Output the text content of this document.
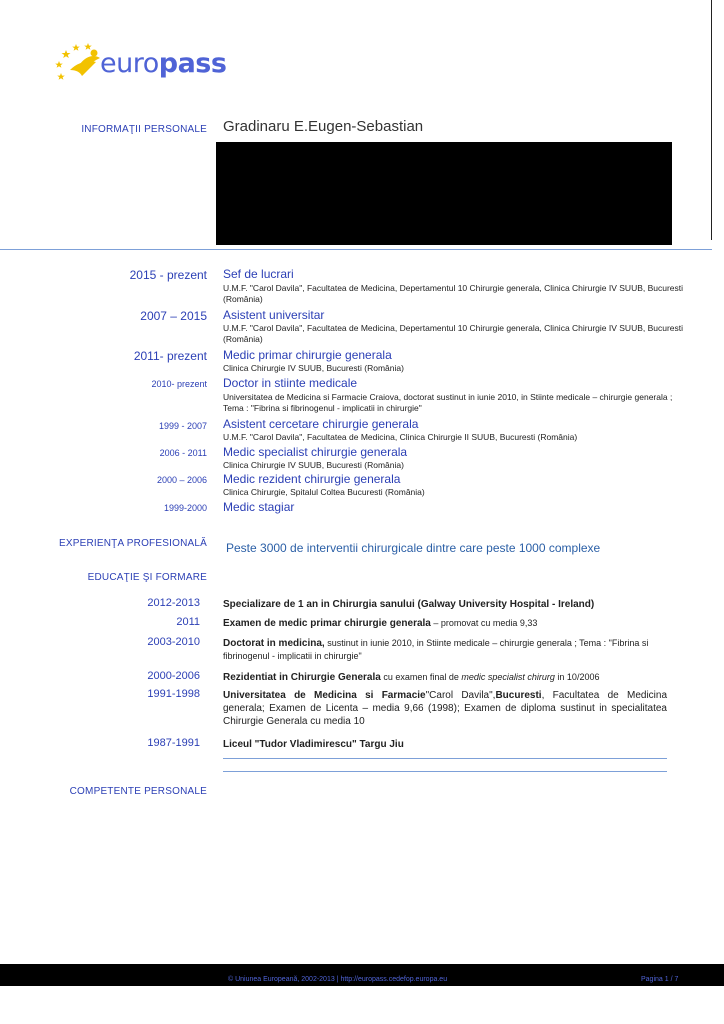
europass
INFORMAŢII PERSONALE Gradinaru E.Eugen-Sebastian
2015 - prezent Sef de lucrari
U.M.F. "Carol Davila", Facultatea de Medicina, Depertamentul 10 Chirurgie generala, Clinica Chirurgie IV SUUB, Bucuresti (România)
2007 – 2015 Asistent universitar
U.M.F. "Carol Davila", Facultatea de Medicina, Depertamentul 10 Chirurgie generala, Clinica Chirurgie IV SUUB, Bucuresti (România)
2011- prezent Medic primar chirurgie generala
Clinica Chirurgie IV SUUB, Bucuresti (România)
2010- prezent Doctor in stiinte medicale
Universitatea de Medicina si Farmacie Craiova, doctorat sustinut in iunie 2010, in Stiinte medicale – chirurgie generala ; Tema : "Fibrina si fibrinogenul - implicatii in chirurgie"
1999 - 2007 Asistent cercetare chirurgie generala
U.M.F. "Carol Davila", Facultatea de Medicina, Clinica Chirurgie II SUUB, Bucuresti (România)
2006 - 2011 Medic specialist chirurgie generala
Clinica Chirurgie IV SUUB, Bucuresti (România)
2000 – 2006 Medic rezident chirurgie generala
Clinica Chirurgie, Spitalul Coltea Bucuresti (România)
1999-2000 Medic stagiar
EXPERIENŢA PROFESIONALĂ Peste 3000 de interventii chirurgicale dintre care peste 1000 complexe
EDUCAŢIE ŞI FORMARE
2012-2013 Specializare de 1 an in Chirurgia sanului (Galway University Hospital - Ireland)
2011 Examen de medic primar chirurgie generala – promovat cu media 9,33
2003-2010 Doctorat in medicina, sustinut in iunie 2010, in Stiinte medicale – chirurgie generala ; Tema : "Fibrina si fibrinogenul - implicatii in chirurgie"
2000-2006 Rezidentiat in Chirurgie Generala cu examen final de medic specialist chirurg in 10/2006
1991-1998 Universitatea de Medicina si Farmacie"Carol Davila",Bucuresti, Facultatea de Medicina generala; Examen de Licenta – media 9,66 (1998); Examen de diploma sustinut in specialitatea Chirurgie Generala cu media 10
1987-1991 Liceul "Tudor Vladimirescu" Targu Jiu
COMPETENTE PERSONALE
© Uniunea Europeană, 2002-2013 | http://europass.cedefop.europa.eu	Pagina 1 / 7
